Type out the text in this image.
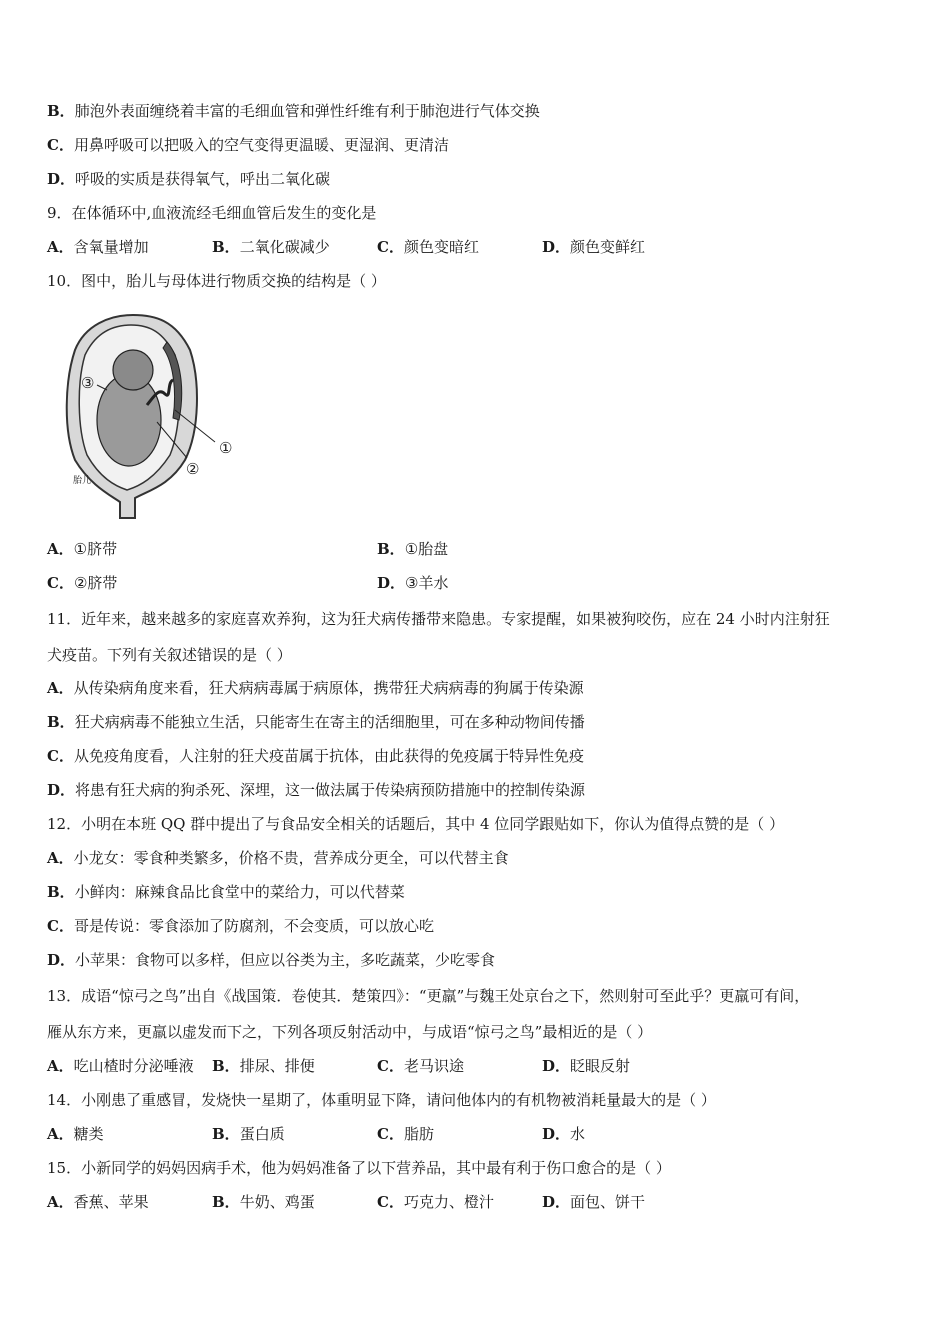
B．肺泡外表面缠绕着丰富的毛细血管和弹性纤维有利于肺泡进行气体交换
C．用鼻呼吸可以把吸入的空气变得更温暖、更湿润、更清洁
D．呼吸的实质是获得氧气，呼出二氧化碳
9．在体循环中,血液流经毛细血管后发生的变化是
A．含氧量增加	B．二氧化碳减少	C．颜色变暗红	D．颜色变鲜红
10．图中，胎儿与母体进行物质交换的结构是（ ）
①
②
③
胎儿
A．①脐带	B．①胎盘
C．②脐带	D．③羊水
11．近年来，越来越多的家庭喜欢养狗，这为狂犬病传播带来隐患。专家提醒，如果被狗咬伤，应在 24 小时内注射狂
犬疫苗。下列有关叙述错误的是（ ）
A．从传染病角度来看，狂犬病病毒属于病原体，携带狂犬病病毒的狗属于传染源
B．狂犬病病毒不能独立生活，只能寄生在寄主的活细胞里，可在多种动物间传播
C．从免疫角度看，人注射的狂犬疫苗属于抗体，由此获得的免疫属于特异性免疫
D．将患有狂犬病的狗杀死、深埋，这一做法属于传染病预防措施中的控制传染源
12．小明在本班 QQ 群中提出了与食品安全相关的话题后，其中 4 位同学跟贴如下，你认为值得点赞的是（ ）
A．小龙女：零食种类繁多，价格不贵，营养成分更全，可以代替主食
B．小鲜肉：麻辣食品比食堂中的菜给力，可以代替菜
C．哥是传说：零食添加了防腐剂，不会变质，可以放心吃
D．小苹果：食物可以多样，但应以谷类为主，多吃蔬菜，少吃零食
13．成语“惊弓之鸟”出自《战国策．卷使其．楚策四》：“更羸”与魏王处京台之下，然则射可至此乎？更羸可有间，
雁从东方来，更羸以虚发而下之，下列各项反射活动中，与成语“惊弓之鸟”最相近的是（ ）
A．吃山楂时分泌唾液 B．排尿、排便	C．老马识途	D．眨眼反射
14．小刚患了重感冒，发烧快一星期了，体重明显下降，请问他体内的有机物被消耗量最大的是（ ）
A．糖类	B．蛋白质	C．脂肪	D．水
15．小新同学的妈妈因病手术，他为妈妈准备了以下营养品，其中最有利于伤口愈合的是（ ）
A．香蕉、苹果	B．牛奶、鸡蛋	C．巧克力、橙汁	D．面包、饼干
